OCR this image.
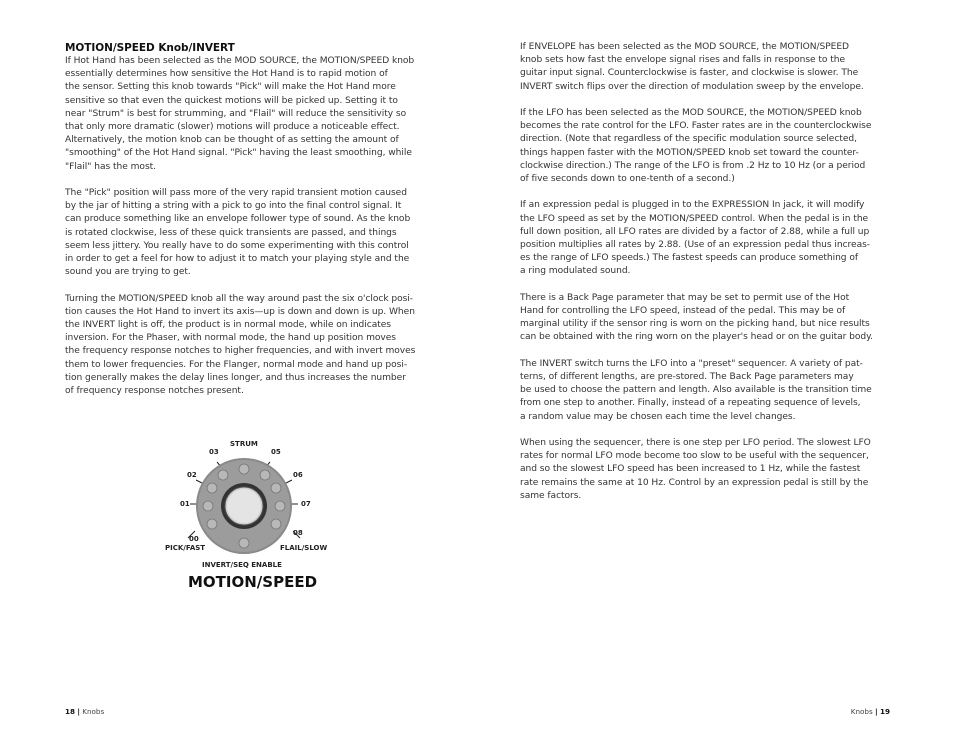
MOTION/SPEED Knob/INVERT

If Hot Hand has been selected as the MOD SOURCE, the MOTION/SPEED knob
essentially determines how sensitive the Hot Hand is to rapid motion of
the sensor. Setting this knob towards "Pick" will make the Hot Hand more
sensitive so that even the quickest motions will be picked up. Setting it to
near "Strum" is best for strumming, and "Flail" will reduce the sensitivity so
that only more dramatic (slower) motions will produce a noticeable effect.
Alternatively, the motion knob can be thought of as setting the amount of
"smoothing" of the Hot Hand signal. "Pick" having the least smoothing, while
"Flail" has the most.

The "Pick" position will pass more of the very rapid transient motion caused
by the jar of hitting a string with a pick to go into the final control signal. It
can produce something like an envelope follower type of sound. As the knob
is rotated clockwise, less of these quick transients are passed, and things
seem less jittery. You really have to do some experimenting with this control
in order to get a feel for how to adjust it to match your playing style and the
sound you are trying to get.

Turning the MOTION/SPEED knob all the way around past the six o'clock posi-
tion causes the Hot Hand to invert its axis—up is down and down is up. When
the INVERT light is off, the product is in normal mode, while on indicates
inversion. For the Phaser, with normal mode, the hand up position moves
the frequency response notches to higher frequencies, and with invert moves
them to lower frequencies. For the Flanger, normal mode and hand up posi-
tion generally makes the delay lines longer, and thus increases the number
of frequency response notches present.

STRUM
00
01
02
03	05
06
07
08
PICK/FAST	FLAIL/SLOW
INVERT/SEQ ENABLE
MOTION/SPEED
18 | Knobs

If ENVELOPE has been selected as the MOD SOURCE, the MOTION/SPEED
knob sets how fast the envelope signal rises and falls in response to the
guitar input signal. Counterclockwise is faster, and clockwise is slower. The
INVERT switch flips over the direction of modulation sweep by the envelope.

If the LFO has been selected as the MOD SOURCE, the MOTION/SPEED knob
becomes the rate control for the LFO. Faster rates are in the counterclockwise
direction. (Note that regardless of the specific modulation source selected,
things happen faster with the MOTION/SPEED knob set toward the counter-
clockwise direction.) The range of the LFO is from .2 Hz to 10 Hz (or a period
of five seconds down to one-tenth of a second.)

If an expression pedal is plugged in to the EXPRESSION In jack, it will modify
the LFO speed as set by the MOTION/SPEED control. When the pedal is in the
full down position, all LFO rates are divided by a factor of 2.88, while a full up
position multiplies all rates by 2.88. (Use of an expression pedal thus increas-
es the range of LFO speeds.) The fastest speeds can produce something of
a ring modulated sound.

There is a Back Page parameter that may be set to permit use of the Hot
Hand for controlling the LFO speed, instead of the pedal. This may be of
marginal utility if the sensor ring is worn on the picking hand, but nice results
can be obtained with the ring worn on the player's head or on the guitar body.

The INVERT switch turns the LFO into a "preset" sequencer. A variety of pat-
terns, of different lengths, are pre-stored. The Back Page parameters may
be used to choose the pattern and length. Also available is the transition time
from one step to another. Finally, instead of a repeating sequence of levels,
a random value may be chosen each time the level changes.

When using the sequencer, there is one step per LFO period. The slowest LFO
rates for normal LFO mode become too slow to be useful with the sequencer,
and so the slowest LFO speed has been increased to 1 Hz, while the fastest
rate remains the same at 10 Hz. Control by an expression pedal is still by the
same factors.

Knobs | 19
